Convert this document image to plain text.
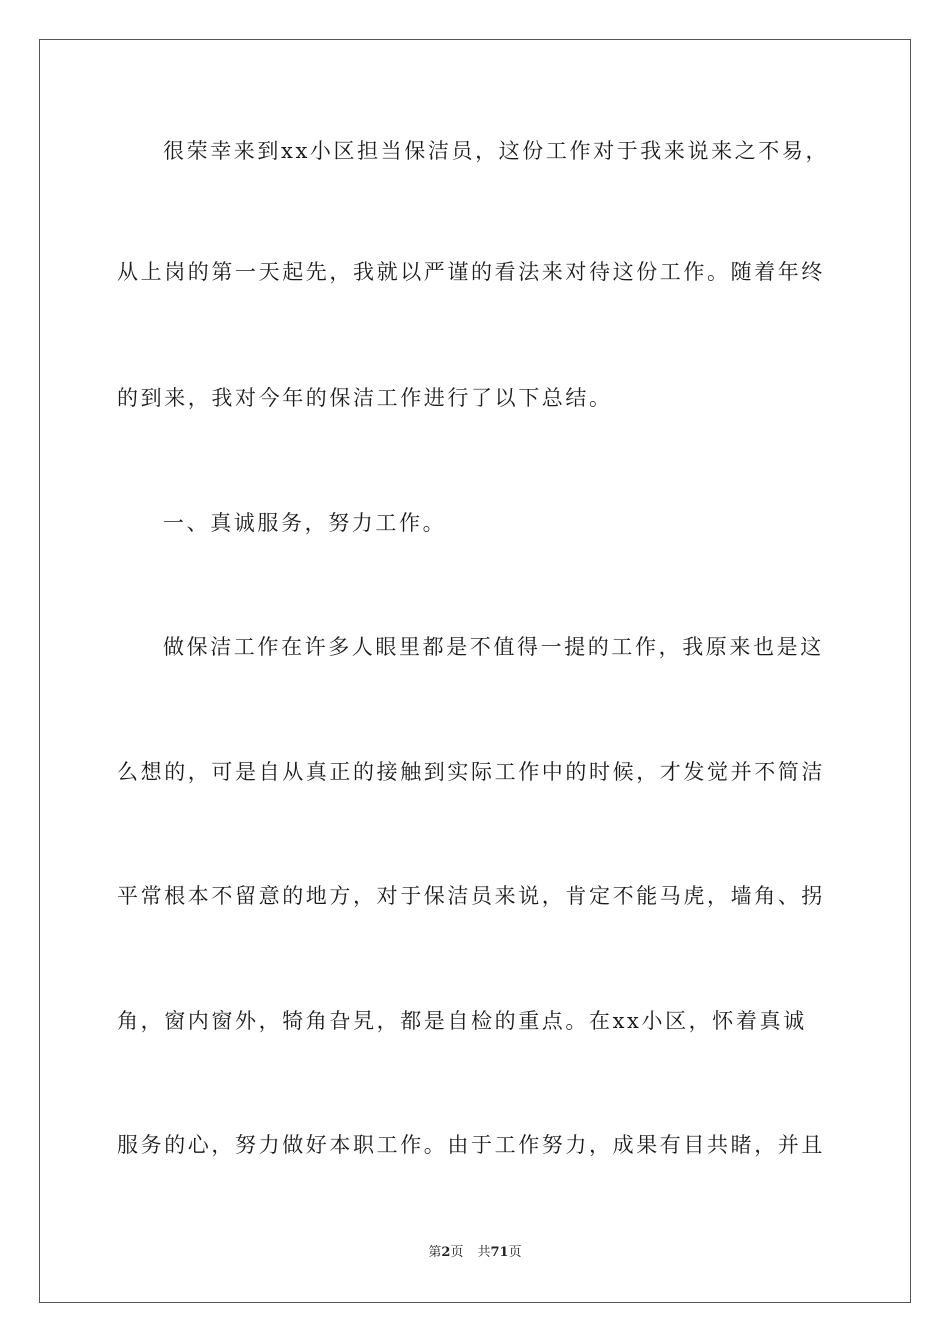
很荣幸来到xx小区担当保洁员，这份工作对于我来说来之不易，
从上岗的第一天起先，我就以严谨的看法来对待这份工作。随着年终
的到来，我对今年的保洁工作进行了以下总结。
一、真诚服务，努力工作。
做保洁工作在许多人眼里都是不值得一提的工作，我原来也是这
么想的，可是自从真正的接触到实际工作中的时候，才发觉并不简洁
平常根本不留意的地方，对于保洁员来说，肯定不能马虎，墙角、拐
角，窗内窗外，犄角旮旯，都是自检的重点。在xx小区，怀着真诚
服务的心，努力做好本职工作。由于工作努力，成果有目共睹，并且
第2页 共71页
